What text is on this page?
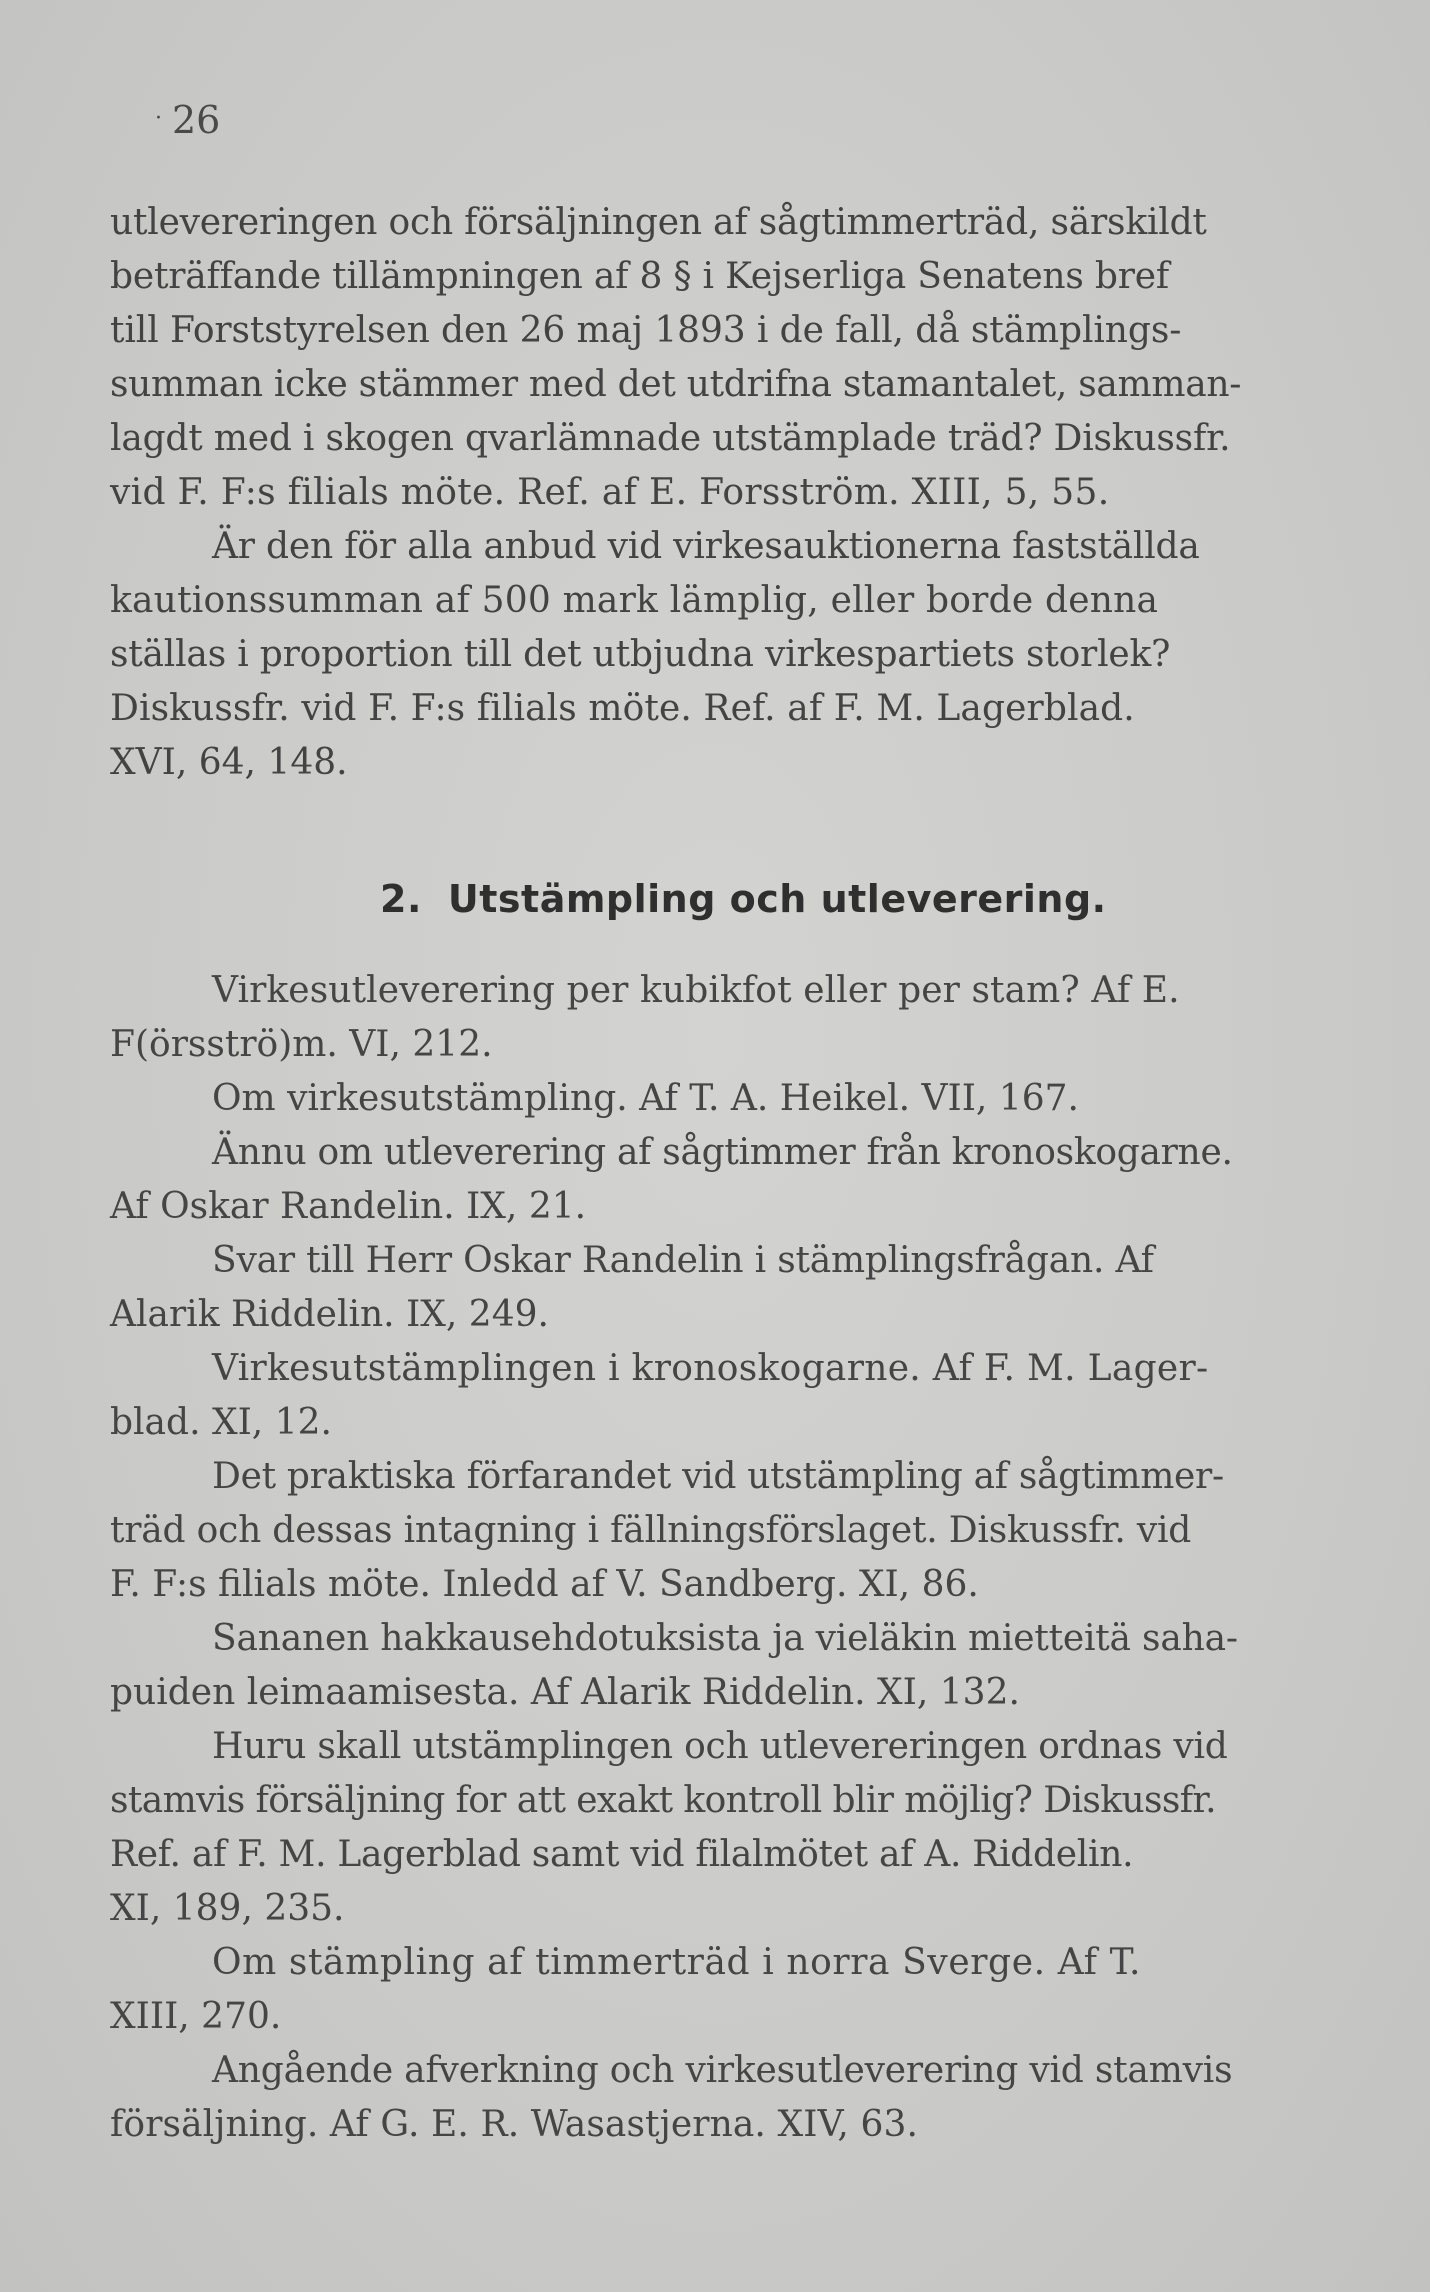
· 26
utlevereringen och försäljningen af sågtimmerträd, särskildt
beträffande tillämpningen af 8 § i Kejserliga Senatens bref
till Forststyrelsen den 26 maj 1893 i de fall, då stämplings-
summan icke stämmer med det utdrifna stamantalet, samman-
lagdt med i skogen qvarlämnade utstämplade träd? Diskussfr.
vid F. F:s filials möte. Ref. af E. Forsström. XIII, 5, 55.
Är den för alla anbud vid virkesauktionerna fastställda
kautionssumman af 500 mark lämplig, eller borde denna
ställas i proportion till det utbjudna virkespartiets storlek?
Diskussfr. vid F. F:s filials möte. Ref. af F. M. Lagerblad.
XVI, 64, 148.
2. Utstämpling och utleverering.
Virkesutleverering per kubikfot eller per stam? Af E.
F(örsströ)m. VI, 212.
Om virkesutstämpling. Af T. A. Heikel. VII, 167.
Ännu om utleverering af sågtimmer från kronoskogarne.
Af Oskar Randelin. IX, 21.
Svar till Herr Oskar Randelin i stämplingsfrågan. Af
Alarik Riddelin. IX, 249.
Virkesutstämplingen i kronoskogarne. Af F. M. Lager-
blad. XI, 12.
Det praktiska förfarandet vid utstämpling af sågtimmer-
träd och dessas intagning i fällningsförslaget. Diskussfr. vid
F. F:s filials möte. Inledd af V. Sandberg. XI, 86.
Sananen hakkausehdotuksista ja vieläkin mietteitä saha-
puiden leimaamisesta. Af Alarik Riddelin. XI, 132.
Huru skall utstämplingen och utlevereringen ordnas vid
stamvis försäljning for att exakt kontroll blir möjlig? Diskussfr.
Ref. af F. M. Lagerblad samt vid filalmötet af A. Riddelin.
XI, 189, 235.
Om stämpling af timmerträd i norra Sverge. Af T.
XIII, 270.
Angående afverkning och virkesutleverering vid stamvis
försäljning. Af G. E. R. Wasastjerna. XIV, 63.
